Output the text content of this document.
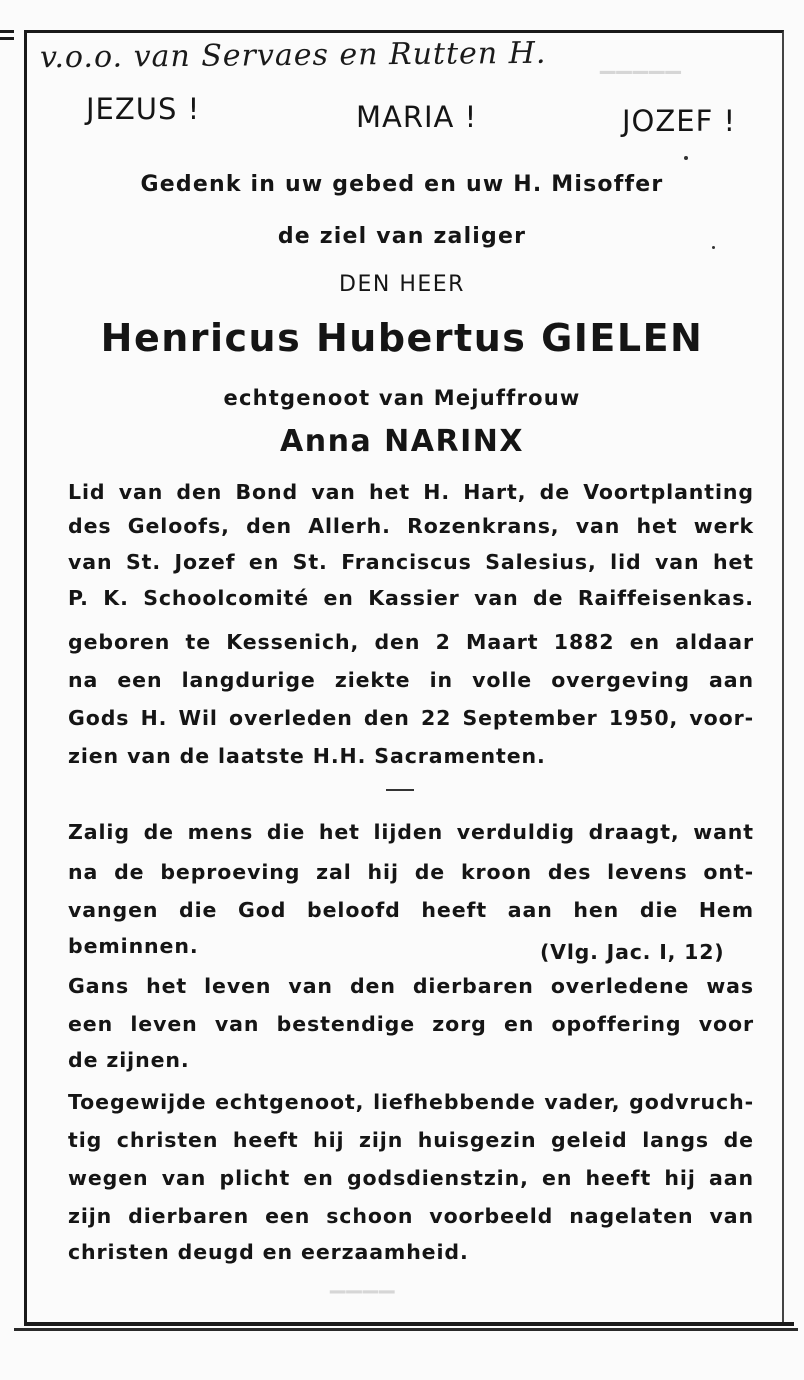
▁▁▁▁▁
▔▔▔▔
v.o.o. van Servaes en Rutten H.
JEZUS !	MARIA !	JOZEF !
Gedenk in uw gebed en uw H. Misoffer
de ziel van zaliger
DEN HEER
Henricus Hubertus GIELEN
echtgenoot van Mejuffrouw
Anna NARINX
Lid van den Bond van het H. Hart, de Voortplanting
des Geloofs, den Allerh. Rozenkrans, van het werk
van St. Jozef en St. Franciscus Salesius, lid van het
P. K. Schoolcomité en Kassier van de Raiffeisenkas.
geboren te Kessenich, den 2 Maart 1882 en aldaar
na een langdurige ziekte in volle overgeving aan
Gods H. Wil overleden den 22 September 1950, voor-
zien van de laatste H.H. Sacramenten.
Zalig de mens die het lijden verduldig draagt, want
na de beproeving zal hij de kroon des levens ont-
vangen die God beloofd heeft aan hen die Hem
beminnen.	(Vlg. Jac. I, 12)
Gans het leven van den dierbaren overledene was
een leven van bestendige zorg en opoffering voor
de zijnen.
Toegewijde echtgenoot, liefhebbende vader, godvruch-
tig christen heeft hij zijn huisgezin geleid langs de
wegen van plicht en godsdienstzin, en heeft hij aan
zijn dierbaren een schoon voorbeeld nagelaten van
christen deugd en eerzaamheid.
